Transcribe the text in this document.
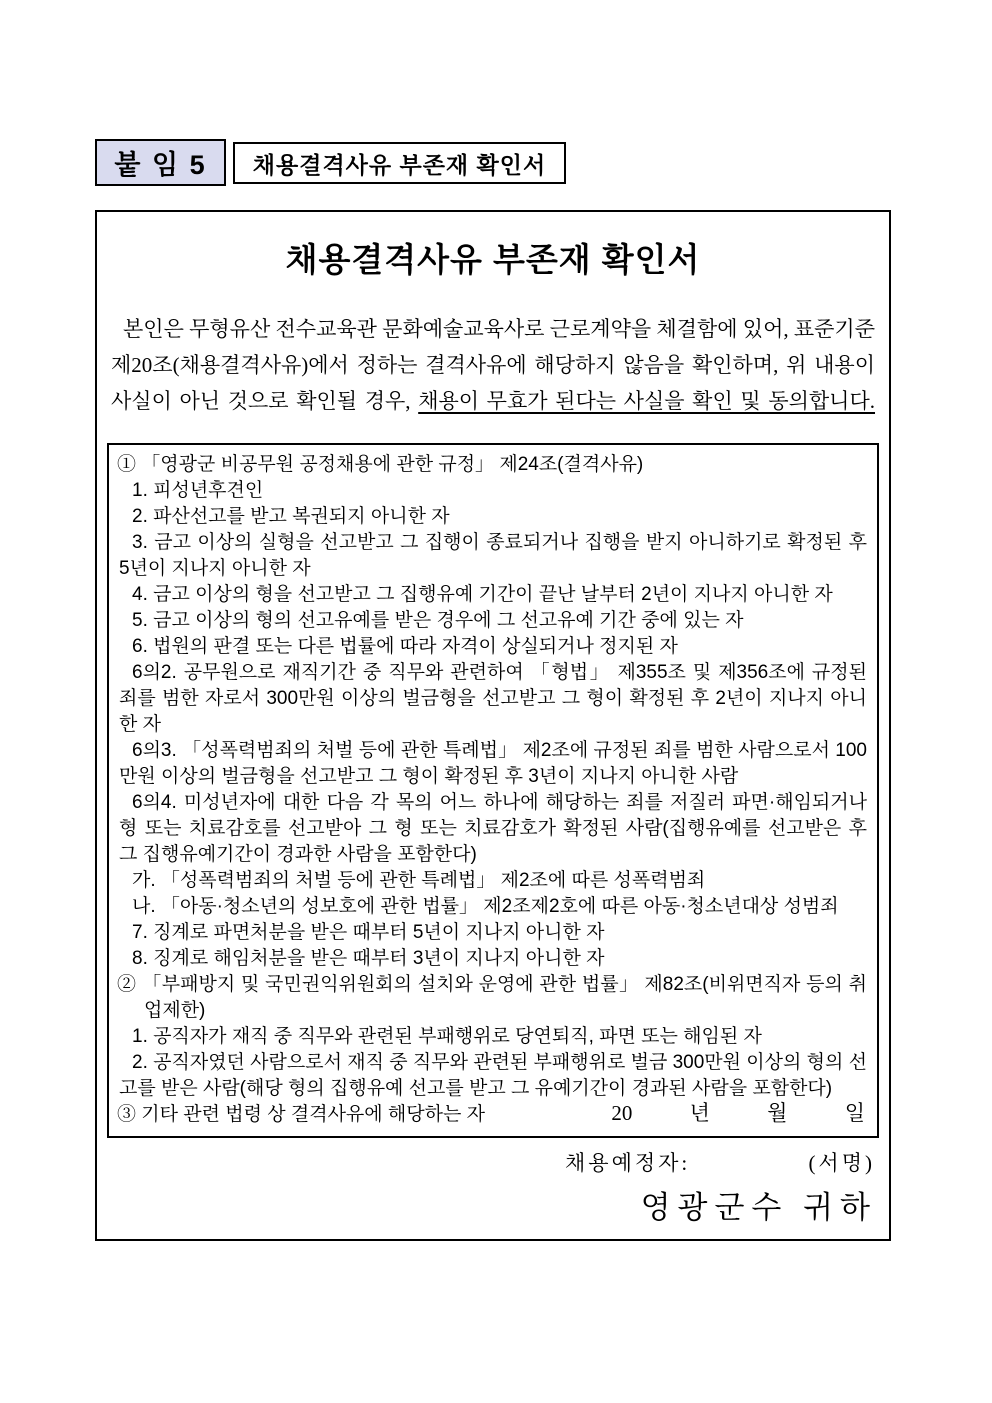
붙 임 5 채용결격사유 부존재 확인서
채용결격사유 부존재 확인서
본인은 무형유산 전수교육관 문화예술교육사로 근로계약을 체결함에 있어, 표준기준
제20조(채용결격사유)에서 정하는 결격사유에 해당하지 않음을 확인하며, 위 내용이
사실이 아닌 것으로 확인될 경우, 채용이 무효가 된다는 사실을 확인 및 동의합니다.
① 「영광군 비공무원 공정채용에 관한 규정」 제24조(결격사유)
1. 피성년후견인
2. 파산선고를 받고 복권되지 아니한 자
3. 금고 이상의 실형을 선고받고 그 집행이 종료되거나 집행을 받지 아니하기로 확정된 후 5년이 지나지 아니한 자
4. 금고 이상의 형을 선고받고 그 집행유예 기간이 끝난 날부터 2년이 지나지 아니한 자
5. 금고 이상의 형의 선고유예를 받은 경우에 그 선고유예 기간 중에 있는 자
6. 법원의 판결 또는 다른 법률에 따라 자격이 상실되거나 정지된 자
6의2. 공무원으로 재직기간 중 직무와 관련하여 「형법」 제355조 및 제356조에 규정된 죄를 범한 자로서 300만원 이상의 벌금형을 선고받고 그 형이 확정된 후 2년이 지나지 아니한 자
6의3. 「성폭력범죄의 처벌 등에 관한 특례법」 제2조에 규정된 죄를 범한 사람으로서 100만원 이상의 벌금형을 선고받고 그 형이 확정된 후 3년이 지나지 아니한 사람
6의4. 미성년자에 대한 다음 각 목의 어느 하나에 해당하는 죄를 저질러 파면·해임되거나 형 또는 치료감호를 선고받아 그 형 또는 치료감호가 확정된 사람(집행유예를 선고받은 후 그 집행유예기간이 경과한 사람을 포함한다)
가. 「성폭력범죄의 처벌 등에 관한 특례법」 제2조에 따른 성폭력범죄
나. 「아동·청소년의 성보호에 관한 법률」 제2조제2호에 따른 아동·청소년대상 성범죄
7. 징계로 파면처분을 받은 때부터 5년이 지나지 아니한 자
8. 징계로 해임처분을 받은 때부터 3년이 지나지 아니한 자
② 「부패방지 및 국민권익위원회의 설치와 운영에 관한 법률」 제82조(비위면직자 등의 취업제한)
1. 공직자가 재직 중 직무와 관련된 부패행위로 당연퇴직, 파면 또는 해임된 자
2. 공직자였던 사람으로서 재직 중 직무와 관련된 부패행위로 벌금 300만원 이상의 형의 선고를 받은 사람(해당 형의 집행유예 선고를 받고 그 유예기간이 경과된 사람을 포함한다)
③ 기타 관련 법령 상 결격사유에 해당하는 자	20	년	월	일
채용예정자:	(서명)
영광군수 귀하
